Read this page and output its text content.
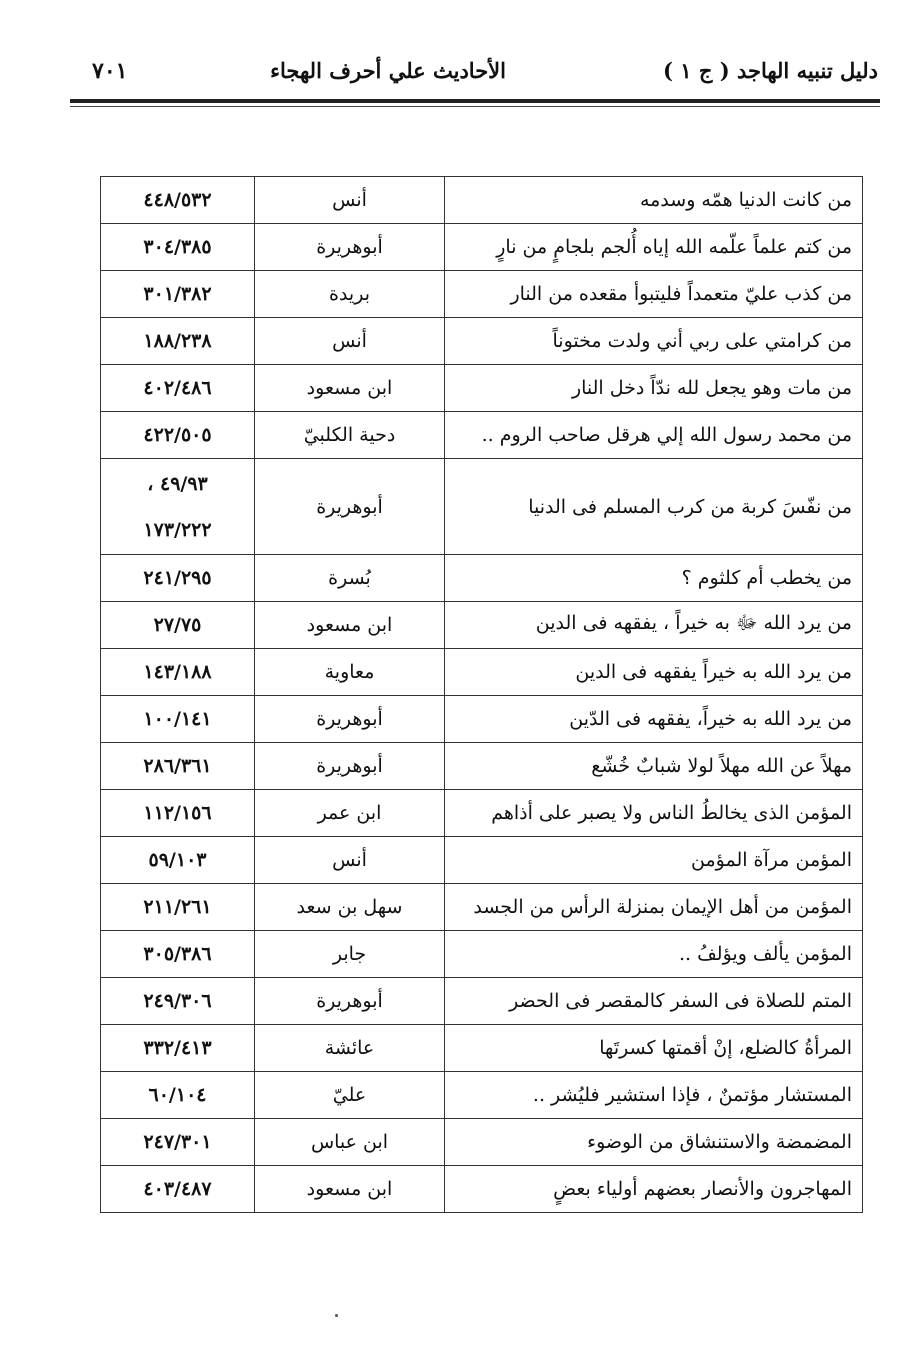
دليل تنبيه الهاجد ( ج ١ )
الأحاديث علي أحرف الهجاء
٧٠١
من كانت الدنيا همّه وسدمه	أنس	٤٤٨/٥٣٢
من كتم علماً علّمه الله إياه أُلجم بلجامٍ من نارٍ	أبوهريرة	٣٠٤/٣٨٥
من كذب عليّ متعمداً فليتبوأ مقعده من النار	بريدة	٣٠١/٣٨٢
من كرامتي على ربي أني ولدت مختوناً	أنس	١٨٨/٢٣٨
من مات وهو يجعل لله ندّاً دخل النار	ابن مسعود	٤٠٢/٤٨٦
من محمد رسول الله إلي هرقل صاحب الروم ..	دحية الكلبيّ	٤٢٢/٥٠٥
من نفّسَ كربة من كرب المسلم فى الدنيا	أبوهريرة	٤٩/٩٣ ،
١٧٣/٢٢٢

من يخطب أم كلثوم ؟	بُسرة	٢٤١/٢٩٥
من يرد الله ﷻ به خيراً ، يفقهه فى الدين	ابن مسعود	٢٧/٧٥
من يرد الله به خيراً يفقهه فى الدين	معاوية	١٤٣/١٨٨
من يرد الله به خيراً، يفقهه فى الدّين	أبوهريرة	١٠٠/١٤١
مهلاً عن الله مهلاً لولا شبابٌ خُشّع	أبوهريرة	٢٨٦/٣٦١
المؤمن الذى يخالطُ الناس ولا يصبر على أذاهم	ابن عمر	١١٢/١٥٦
المؤمن مرآة المؤمن	أنس	٥٩/١٠٣
المؤمن من أهل الإيمان بمنزلة الرأس من الجسد	سهل بن سعد	٢١١/٢٦١
المؤمن يألف ويؤلفُ ..	جابر	٣٠٥/٣٨٦
المتم للصلاة فى السفر كالمقصر فى الحضر	أبوهريرة	٢٤٩/٣٠٦
المرأةُ كالضلع، إنْ أقمتها كسرتَها	عائشة	٣٣٢/٤١٣
المستشار مؤتمنٌ ، فإذا استشير فليُشر ..	عليّ	٦٠/١٠٤
المضمضة والاستنشاق من الوضوء	ابن عباس	٢٤٧/٣٠١
المهاجرون والأنصار بعضهم أولياء بعضٍ	ابن مسعود	٤٠٣/٤٨٧
